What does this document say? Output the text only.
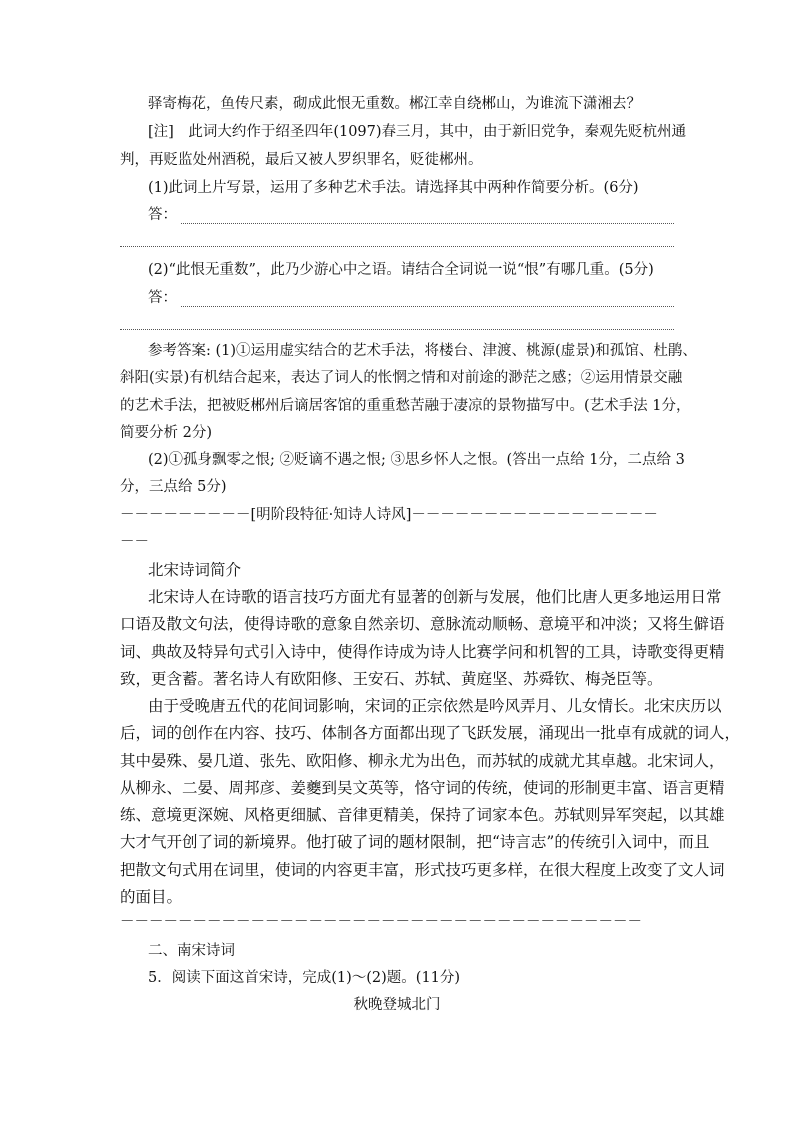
驿寄梅花，鱼传尺素，砌成此恨无重数。郴江幸自绕郴山，为谁流下潇湘去？
[注]　此词大约作于绍圣四年(1097)春三月，其中，由于新旧党争，秦观先贬杭州通
判，再贬监处州酒税，最后又被人罗织罪名，贬徙郴州。
(1)此词上片写景，运用了多种艺术手法。请选择其中两种作简要分析。(6分)
答：
(2)“此恨无重数”，此乃少游心中之语。请结合全词说一说“恨”有哪几重。(5分)
答：
参考答案: (1)①运用虚实结合的艺术手法，将楼台、津渡、桃源(虚景)和孤馆、杜鹃、
斜阳(实景)有机结合起来，表达了词人的怅惘之情和对前途的渺茫之感；②运用情景交融
的艺术手法，把被贬郴州后谪居客馆的重重愁苦融于凄凉的景物描写中。(艺术手法 1分，
简要分析 2分)
(2)①孤身飘零之恨; ②贬谪不遇之恨; ③思乡怀人之恨。(答出一点给 1分，二点给 3
分，三点给 5分)
－－－－－－－－－[明阶段特征·知诗人诗风]－－－－－－－－－－－－－－－－－
－－
北宋诗词简介
北宋诗人在诗歌的语言技巧方面尤有显著的创新与发展，他们比唐人更多地运用日常
口语及散文句法，使得诗歌的意象自然亲切、意脉流动顺畅、意境平和冲淡；又将生僻语
词、典故及特异句式引入诗中，使得作诗成为诗人比赛学问和机智的工具，诗歌变得更精
致，更含蓄。著名诗人有欧阳修、王安石、苏轼、黄庭坚、苏舜钦、梅尧臣等。
由于受晚唐五代的花间词影响，宋词的正宗依然是吟风弄月、儿女情长。北宋庆历以
后，词的创作在内容、技巧、体制各方面都出现了飞跃发展，涌现出一批卓有成就的词人，
其中晏殊、晏几道、张先、欧阳修、柳永尤为出色，而苏轼的成就尤其卓越。北宋词人，
从柳永、二晏、周邦彦、姜夔到吴文英等，恪守词的传统，使词的形制更丰富、语言更精
练、意境更深婉、风格更细腻、音律更精美，保持了词家本色。苏轼则异军突起，以其雄
大才气开创了词的新境界。他打破了词的题材限制，把“诗言志”的传统引入词中，而且
把散文句式用在词里，使词的内容更丰富，形式技巧更多样，在很大程度上改变了文人词
的面目。
－－－－－－－－－－－－－－－－－－－－－－－－－－－－－－－－－－－－
二、南宋诗词
5．阅读下面这首宋诗，完成(1)～(2)题。(11分)
秋晚登城北门
